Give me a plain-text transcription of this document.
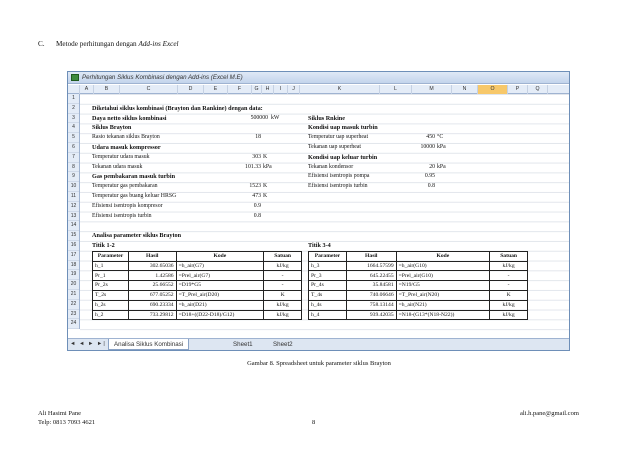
C. Metode perhitungan dengan Add-ins Excel
Perhitungan Siklus Kombinasi dengan Add-ins (Excel M.E)
A	B	C	D	E	F	G	H	I	J	K	L	M	N	O	P	Q
1
2
3
4
5
6
7
8
9
10
11
12
13
14
15
16
17
18
19
20
21
22
23
24
Diketahui siklus kombinasi (Brayton dan Rankine) dengan data:
Daya netto siklus kombinasi	500000 kW
Siklus Brayton
Rasio tekanan siklus Brayton	18
Udara masuk kompressor
Temperatur udara masuk	303 K
Tekanan udara masuk	101.33 kPa
Gas pembakaran masuk turbin
Temperatur gas pembakaran	1523 K
Temperatur gas buang keluar HRSG	473 K
Efisiensi isentropis kompresor	0.9
Efisiensi isentropis turbin	0.8
Siklus Rnkine
Kondisi uap masuk turbin
Temperatur uap superheat	450 °C
Tekanan uap superheat	10000 kPa
Kondisi uap keluar turbin
Tekanan kondensor	20 kPa
Efisiensi isentropis pompa	0.95
Efisiensi isentropis turbin	0.8
Analisa parameter siklus Brayton
Titik 1-2	Titik 3-4
Parameter	Hasil	Kode	Satuan
h_1	302.65036	=h_air(G7)	kJ/kg
Pr_1	1.42586	=Prel_air(G7)	-
Pr_2s	25.66552	=D19*G5	-
T_2s	677.05252	=T_Prel_air(D20)	K
h_2s	690.23334	=h_air(D21)	kJ/kg
h_2	733.29812	=D18+((D22-D18)/G12)	kJ/kg
Parameter	Hasil	Kode	Satuan
h_3	1664.57599	=h_air(G10)	kJ/kg
Pr_3	645.22455	=Prel_air(G10)	-
Pr_4s	35.84581	=N19/G5	-
T_4s	740.06646	=T_Prel_air(N20)	K
h_4s	758.13144	=h_air(N21)	kJ/kg
h_4	939.42035	=N18-(G13*(N18-N22))	kJ/kg
◄ ◄ ► ►|	Analisa Siklus Kombinasi	Sheet1	Sheet2
Gambar 8. Spreadsheet untuk parameter siklus Brayton
Ali Hasimi Pane
Telp: 0813 7093 4621	8
ali.h.pane@gmail.com
